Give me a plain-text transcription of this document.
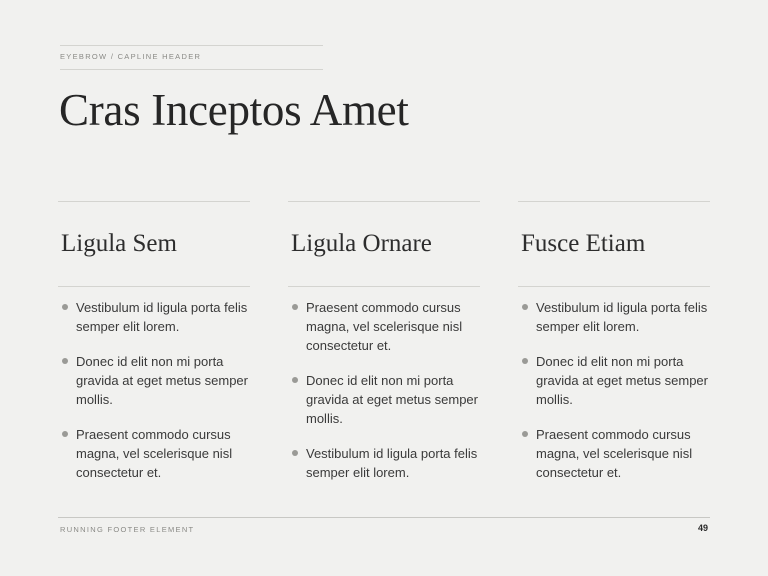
EYEBROW / CAPLINE HEADER
Cras Inceptos Amet
Ligula Sem
Vestibulum id ligula porta felis semper elit lorem.
Donec id elit non mi porta gravida at eget metus semper mollis.
Praesent commodo cursus magna, vel scelerisque nisl consectetur et.
Ligula Ornare
Praesent commodo cursus magna, vel scelerisque nisl consectetur et.
Donec id elit non mi porta gravida at eget metus semper mollis.
Vestibulum id ligula porta felis semper elit lorem.
Fusce Etiam
Vestibulum id ligula porta felis semper elit lorem.
Donec id elit non mi porta gravida at eget metus semper mollis.
Praesent commodo cursus magna, vel scelerisque nisl consectetur et.
RUNNING FOOTER ELEMENT	49
